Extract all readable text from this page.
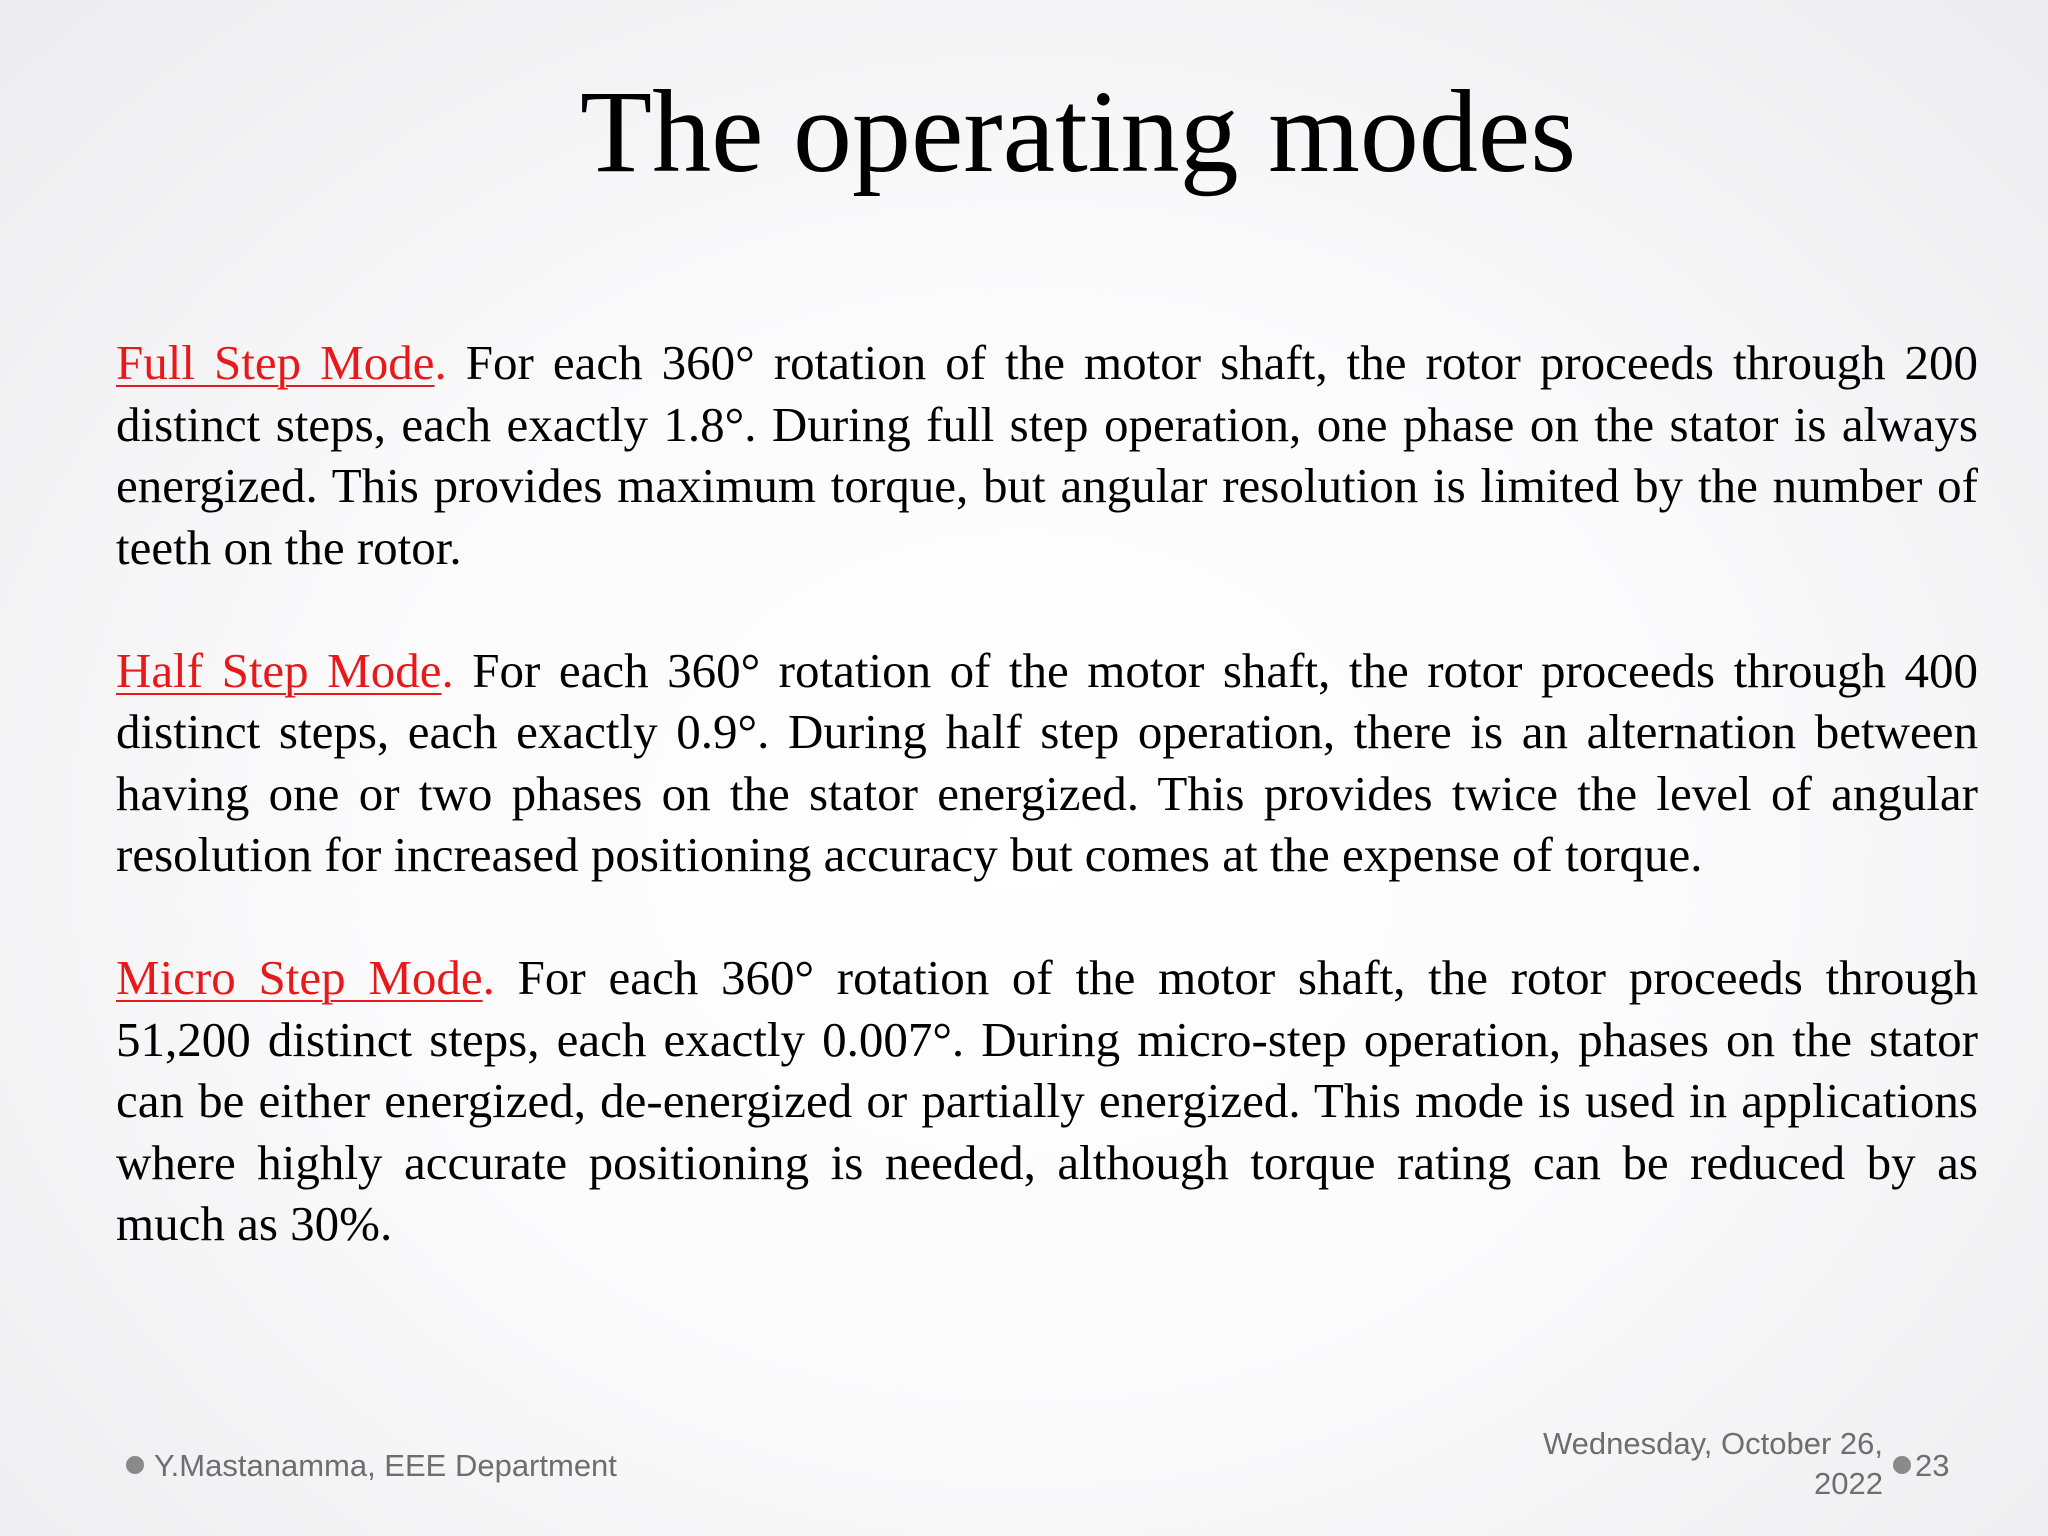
The operating modes

Full Step Mode. For each 360° rotation of the motor shaft, the rotor proceeds through 200 distinct steps, each exactly 1.8°. During full step operation, one phase on the stator is always energized. This provides maximum torque, but angular resolution is limited by the number of teeth on the rotor.

Half Step Mode. For each 360° rotation of the motor shaft, the rotor proceeds through 400 distinct steps, each exactly 0.9°. During half step operation, there is an alternation between having one or two phases on the stator energized. This provides twice the level of angular resolution for increased positioning accuracy but comes at the expense of torque.

Micro Step Mode. For each 360° rotation of the motor shaft, the rotor proceeds through 51,200 distinct steps, each exactly 0.007°. During micro-step operation, phases on the stator can be either energized, de-energized or partially energized. This mode is used in applications where highly accurate positioning is needed, although torque rating can be reduced by as much as 30%.

Y.Mastanamma, EEE Department
Wednesday, October 26,
2022
23
